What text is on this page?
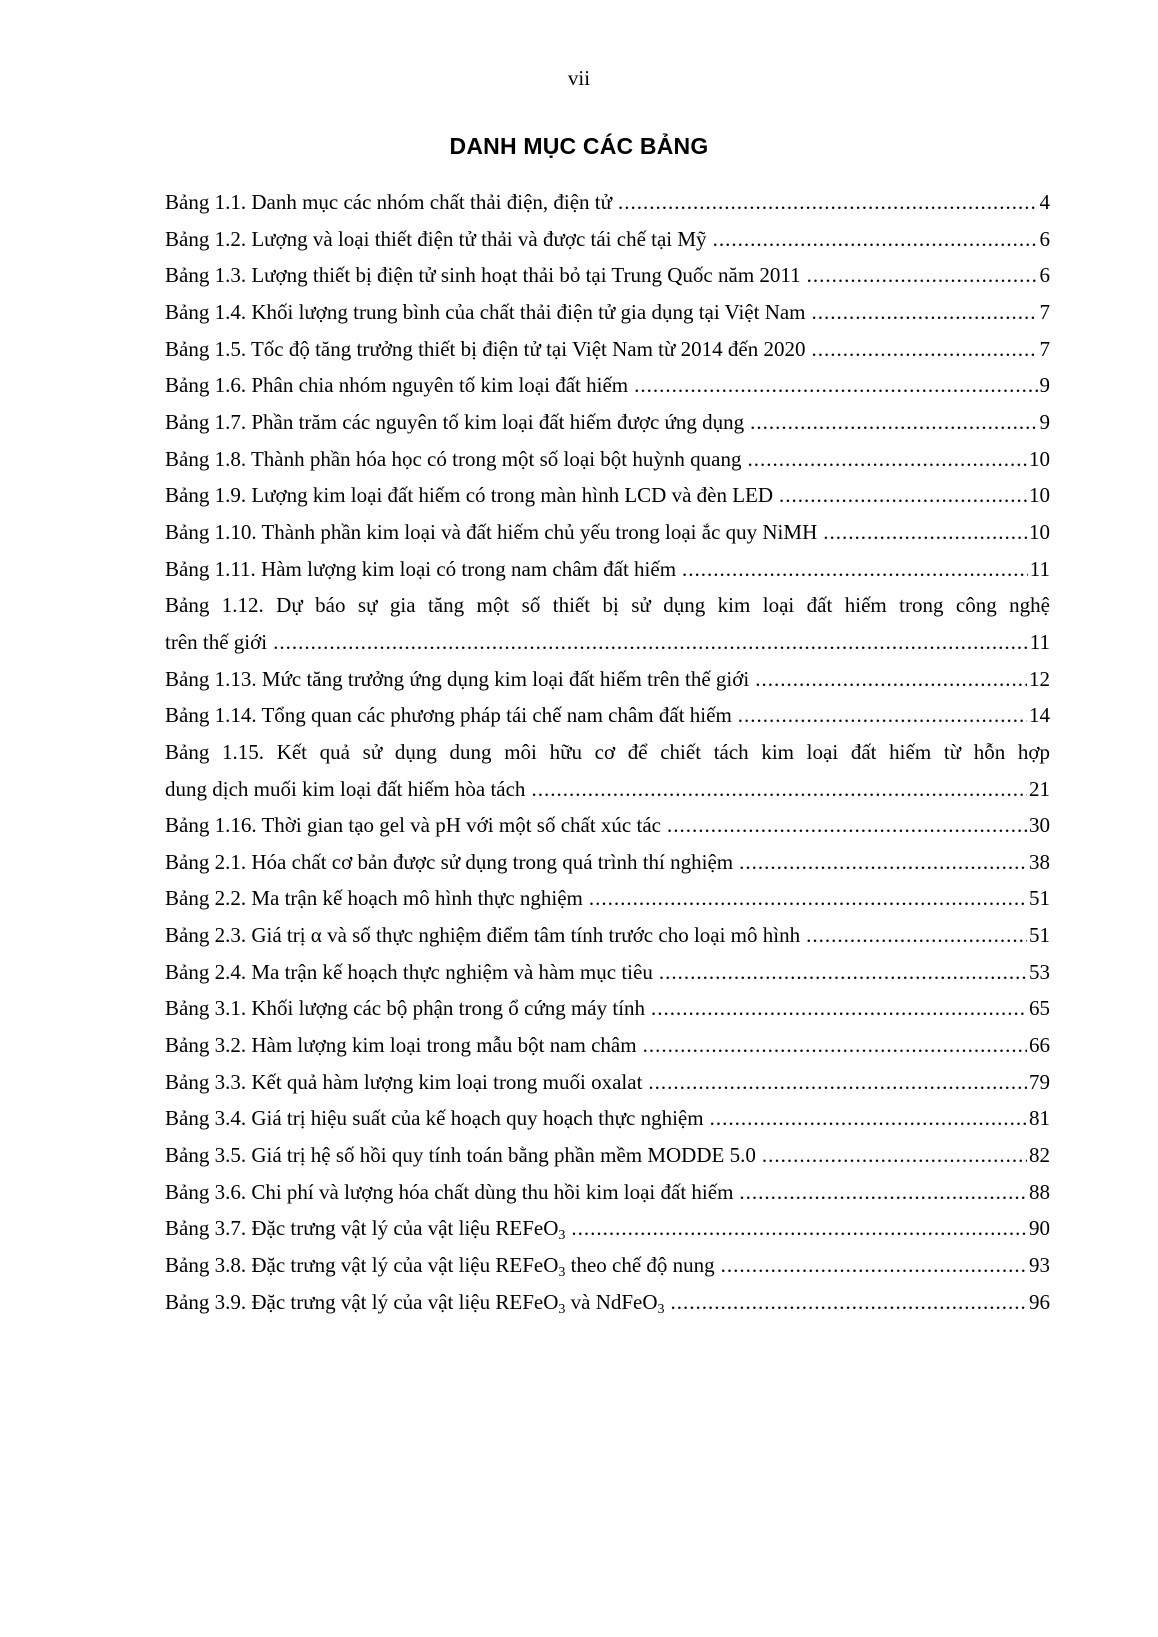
vii
DANH MỤC CÁC BẢNG
Bảng 1.1. Danh mục các nhóm chất thải điện, điện tử .....	4
Bảng 1.2. Lượng và loại thiết điện tử thải và được tái chế tại Mỹ .....	6
Bảng 1.3. Lượng thiết bị điện tử sinh hoạt thải bỏ tại Trung Quốc năm 2011 .....	6
Bảng 1.4. Khối lượng trung bình của chất thải điện tử gia dụng tại Việt Nam .....	7
Bảng 1.5. Tốc độ tăng trưởng thiết bị điện tử tại Việt Nam từ 2014 đến 2020 .....	7
Bảng 1.6. Phân chia nhóm nguyên tố kim loại đất hiếm .....	9
Bảng 1.7. Phần trăm các nguyên tố kim loại đất hiếm được ứng dụng .....	9
Bảng 1.8. Thành phần hóa học có trong một số loại bột huỳnh quang .....	10
Bảng 1.9. Lượng kim loại đất hiếm có trong màn hình LCD và đèn LED .....	10
Bảng 1.10. Thành phần kim loại và đất hiếm chủ yếu trong loại ắc quy NiMH .....	10
Bảng 1.11. Hàm lượng kim loại có trong nam châm đất hiếm .....	11
Bảng 1.12. Dự báo sự gia tăng một số thiết bị sử dụng kim loại đất hiếm trong công nghệ
trên thế giới .....	11
Bảng 1.13. Mức tăng trưởng ứng dụng kim loại đất hiếm trên thế giới .....	12
Bảng 1.14. Tổng quan các phương pháp tái chế nam châm đất hiếm .....	14
Bảng 1.15. Kết quả sử dụng dung môi hữu cơ để chiết tách kim loại đất hiếm từ hỗn hợp
dung dịch muối kim loại đất hiếm hòa tách .....	21
Bảng 1.16. Thời gian tạo gel và pH với một số chất xúc tác .....	30
Bảng 2.1. Hóa chất cơ bản được sử dụng trong quá trình thí nghiệm .....	38
Bảng 2.2. Ma trận kế hoạch mô hình thực nghiệm .....	51
Bảng 2.3. Giá trị α và số thực nghiệm điểm tâm tính trước cho loại mô hình .....	51
Bảng 2.4. Ma trận kế hoạch thực nghiệm và hàm mục tiêu .....	53
Bảng 3.1. Khối lượng các bộ phận trong ổ cứng máy tính .....	65
Bảng 3.2. Hàm lượng kim loại trong mẫu bột nam châm .....	66
Bảng 3.3. Kết quả hàm lượng kim loại trong muối oxalat .....	79
Bảng 3.4. Giá trị hiệu suất của kế hoạch quy hoạch thực nghiệm .....	81
Bảng 3.5. Giá trị hệ số hồi quy tính toán bằng phần mềm MODDE 5.0 .....	82
Bảng 3.6. Chi phí và lượng hóa chất dùng thu hồi kim loại đất hiếm .....	88
Bảng 3.7. Đặc trưng vật lý của vật liệu REFeO$_3$ .....	90
Bảng 3.8. Đặc trưng vật lý của vật liệu REFeO$_3$ theo chế độ nung .....	93
Bảng 3.9. Đặc trưng vật lý của vật liệu REFeO$_3$ và NdFeO$_3$ .....	96
